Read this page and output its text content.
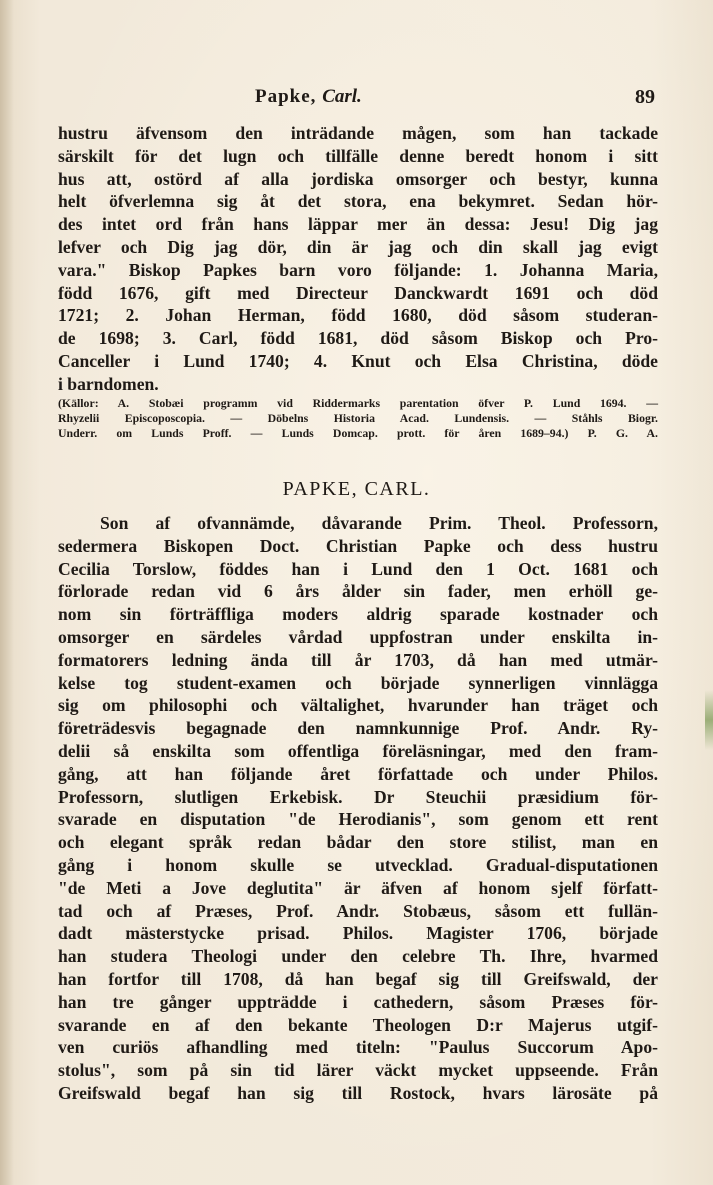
Papke, Carl.	89
hustru äfvensom den inträdande mågen, som han tackade
särskilt för det lugn och tillfälle denne beredt honom i sitt
hus att, ostörd af alla jordiska omsorger och bestyr, kunna
helt öfverlemna sig åt det stora, ena bekymret. Sedan hör-
des intet ord från hans läppar mer än dessa: Jesu! Dig jag
lefver och Dig jag dör, din är jag och din skall jag evigt
vara." Biskop Papkes barn voro följande: 1. Johanna Maria,
född 1676, gift med Directeur Danckwardt 1691 och död
1721; 2. Johan Herman, född 1680, död såsom studeran-
de 1698; 3. Carl, född 1681, död såsom Biskop och Pro-
Canceller i Lund 1740; 4. Knut och Elsa Christina, döde
i barndomen.
(Källor: A. Stobæi programm vid Riddermarks parentation öfver P. Lund 1694. —
Rhyzelii Episcoposcopia. — Döbelns Historia Acad. Lundensis. — Ståhls Biogr.
Underr. om Lunds Proff. — Lunds Domcap. prott. för åren 1689–94.) P. G. A.
PAPKE, CARL.
Son af ofvannämde, dåvarande Prim. Theol. Professorn,
sedermera Biskopen Doct. Christian Papke och dess hustru
Cecilia Torslow, föddes han i Lund den 1 Oct. 1681 och
förlorade redan vid 6 års ålder sin fader, men erhöll ge-
nom sin förträffliga moders aldrig sparade kostnader och
omsorger en särdeles vårdad uppfostran under enskilta in-
formatorers ledning ända till år 1703, då han med utmär-
kelse tog student-examen och började synnerligen vinnlägga
sig om philosophi och vältalighet, hvarunder han träget och
företrädesvis begagnade den namnkunnige Prof. Andr. Ry-
delii så enskilta som offentliga föreläsningar, med den fram-
gång, att han följande året författade och under Philos.
Professorn, slutligen Erkebisk. Dr Steuchii præsidium för-
svarade en disputation "de Herodianis", som genom ett rent
och elegant språk redan bådar den store stilist, man en
gång i honom skulle se utvecklad. Gradual-disputationen
"de Meti a Jove deglutita" är äfven af honom sjelf författ-
tad och af Præses, Prof. Andr. Stobæus, såsom ett fullän-
dadt mästerstycke prisad. Philos. Magister 1706, började
han studera Theologi under den celebre Th. Ihre, hvarmed
han fortfor till 1708, då han begaf sig till Greifswald, der
han tre gånger uppträdde i cathedern, såsom Præses för-
svarande en af den bekante Theologen D:r Majerus utgif-
ven curiös afhandling med titeln: "Paulus Succorum Apo-
stolus", som på sin tid lärer väckt mycket uppseende. Från
Greifswald begaf han sig till Rostock, hvars lärosäte på
